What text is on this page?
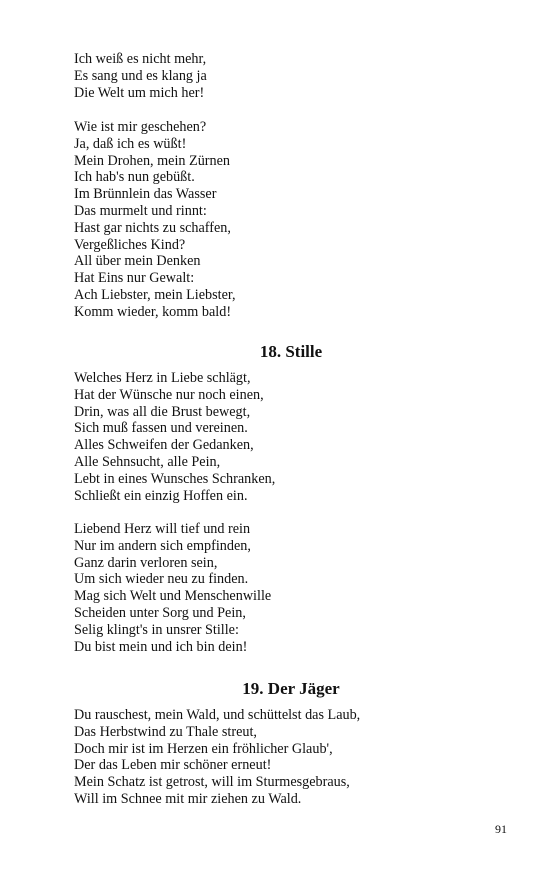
Ich weiß es nicht mehr,
Es sang und es klang ja
Die Welt um mich her!
Wie ist mir geschehen?
Ja, daß ich es wüßt!
Mein Drohen, mein Zürnen
Ich hab's nun gebüßt.
Im Brünnlein das Wasser
Das murmelt und rinnt:
Hast gar nichts zu schaffen,
Vergeßliches Kind?
All über mein Denken
Hat Eins nur Gewalt:
Ach Liebster, mein Liebster,
Komm wieder, komm bald!
18. Stille
Welches Herz in Liebe schlägt,
Hat der Wünsche nur noch einen,
Drin, was all die Brust bewegt,
Sich muß fassen und vereinen.
Alles Schweifen der Gedanken,
Alle Sehnsucht, alle Pein,
Lebt in eines Wunsches Schranken,
Schließt ein einzig Hoffen ein.
Liebend Herz will tief und rein
Nur im andern sich empfinden,
Ganz darin verloren sein,
Um sich wieder neu zu finden.
Mag sich Welt und Menschenwille
Scheiden unter Sorg und Pein,
Selig klingt's in unsrer Stille:
Du bist mein und ich bin dein!
19. Der Jäger
Du rauschest, mein Wald, und schüttelst das Laub,
Das Herbstwind zu Thale streut,
Doch mir ist im Herzen ein fröhlicher Glaub',
Der das Leben mir schöner erneut!
Mein Schatz ist getrost, will im Sturmesgebraus,
Will im Schnee mit mir ziehen zu Wald.
91
